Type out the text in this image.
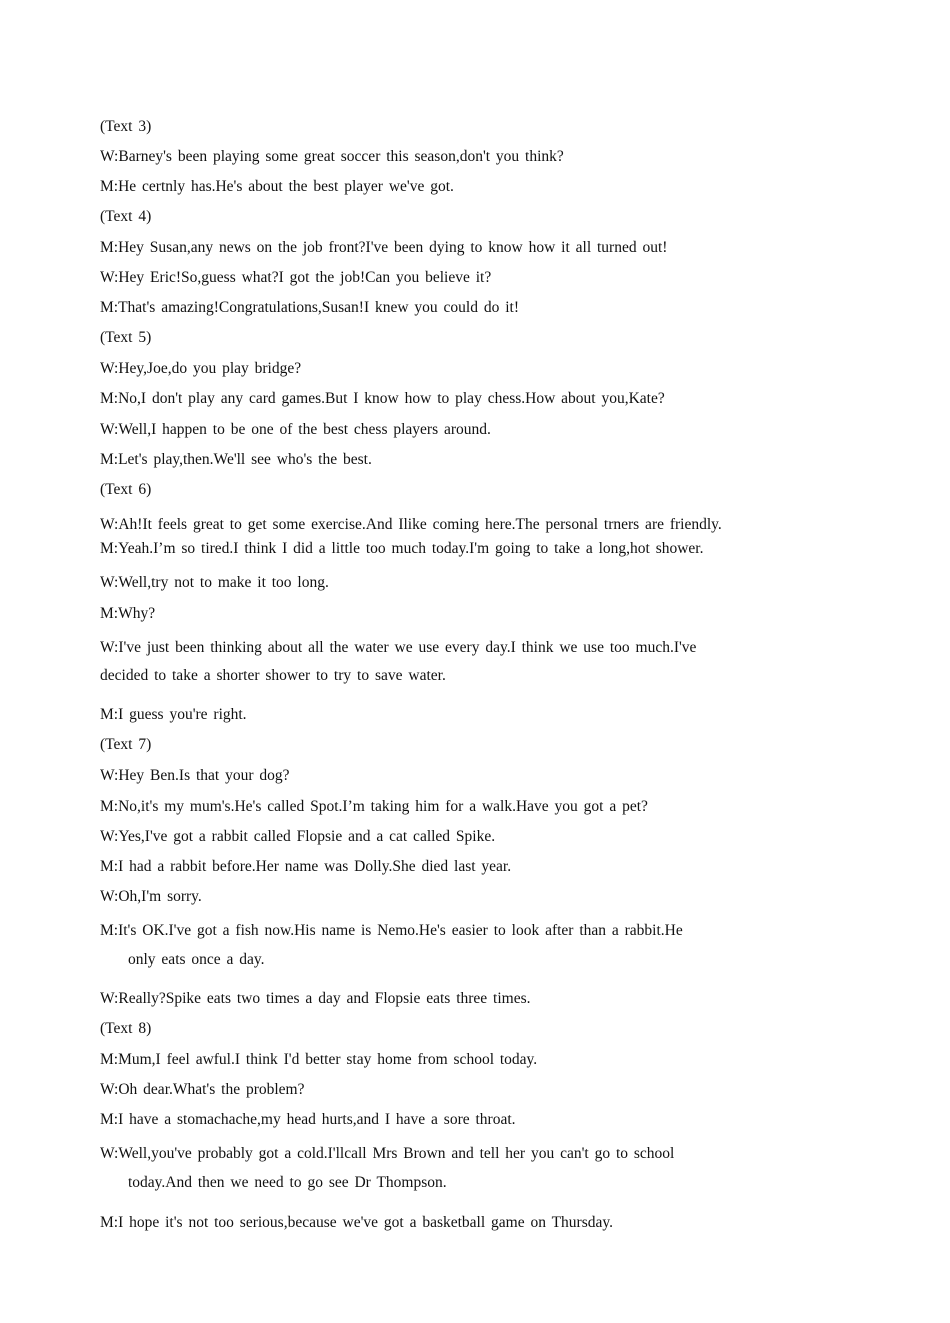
(Text 3)
W:Barney's been playing some great soccer this season,don't you think?
M:He certnly has.He's about the best player we've got.
(Text 4)
M:Hey Susan,any news on the job front?I've been dying to know how it all turned out!
W:Hey Eric!So,guess what?I got the job!Can you believe it?
M:That's amazing!Congratulations,Susan!I knew you could do it!
(Text 5)
W:Hey,Joe,do you play bridge?
M:No,I don't play any card games.But I know how to play chess.How about you,Kate?
W:Well,I happen to be one of the best chess players around.
M:Let's play,then.We'll see who's the best.
(Text 6)
W:Ah!It feels great to get some exercise.And Ilike coming here.The personal trners are friendly.
M:Yeah.I’m so tired.I think I did a little too much today.I'm going to take a long,hot shower.
W:Well,try not to make it too long.
M:Why?
W:I've just been thinking about all the water we use every day.I think we use too much.I've
decided to take a shorter shower to try to save water.
M:I guess you're right.
(Text 7)
W:Hey Ben.Is that your dog?
M:No,it's my mum's.He's called Spot.I’m taking him for a walk.Have you got a pet?
W:Yes,I've got a rabbit called Flopsie and a cat called Spike.
M:I had a rabbit before.Her name was Dolly.She died last year.
W:Oh,I'm sorry.
M:It's OK.I've got a fish now.His name is Nemo.He's easier to look after than a rabbit.He
only eats once a day.
W:Really?Spike eats two times a day and Flopsie eats three times.
(Text 8)
M:Mum,I feel awful.I think I'd better stay home from school today.
W:Oh dear.What's the problem?
M:I have a stomachache,my head hurts,and I have a sore throat.
W:Well,you've probably got a cold.I'llcall Mrs Brown and tell her you can't go to school
today.And then we need to go see Dr Thompson.
M:I hope it's not too serious,because we've got a basketball game on Thursday.
